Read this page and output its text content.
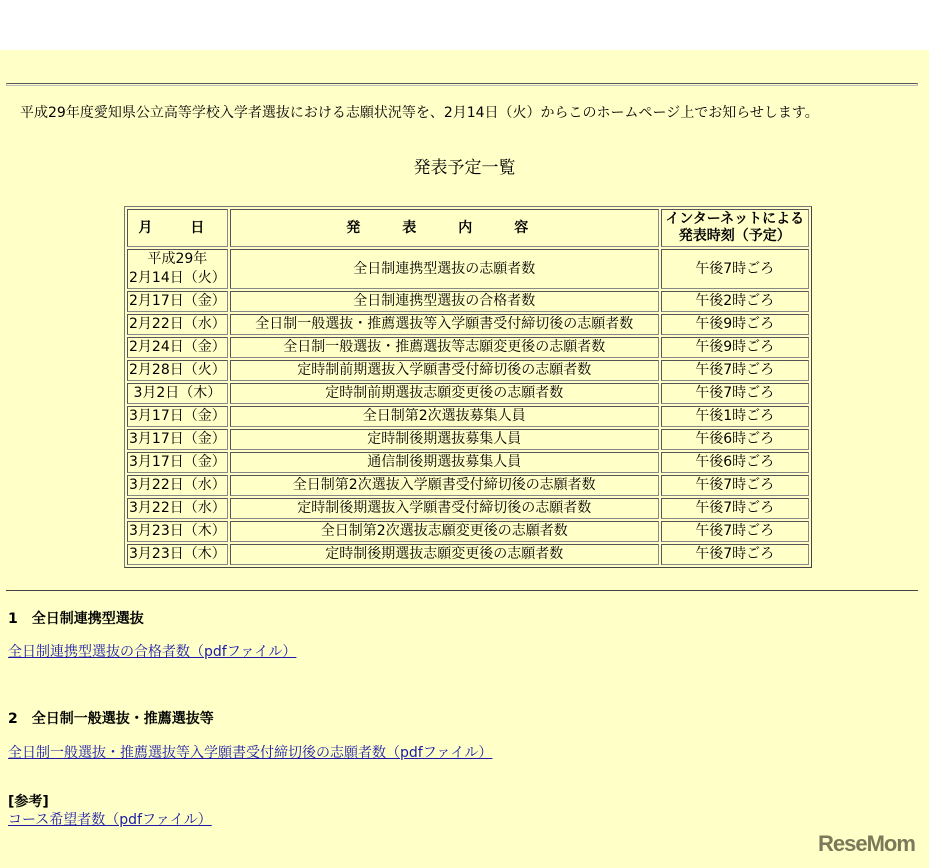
平成29年度愛知県公立高等学校入学者選抜における志願状況等を、2月14日（火）からこのホームページ上でお知らせします。
発表予定一覧
月　日	発　表　内　容	インターネットによる
発表時刻（予定）

平成29年
2月14日（火）	全日制連携型選抜の志願者数	午後7時ごろ
2月17日（金）	全日制連携型選抜の合格者数	午後2時ごろ
2月22日（水）	全日制一般選抜・推薦選抜等入学願書受付締切後の志願者数	午後9時ごろ
2月24日（金）	全日制一般選抜・推薦選抜等志願変更後の志願者数	午後9時ごろ
2月28日（火）	定時制前期選抜入学願書受付締切後の志願者数	午後7時ごろ
3月2日（木）	定時制前期選抜志願変更後の志願者数	午後7時ごろ
3月17日（金）	全日制第2次選抜募集人員	午後1時ごろ
3月17日（金）	定時制後期選抜募集人員	午後6時ごろ
3月17日（金）	通信制後期選抜募集人員	午後6時ごろ
3月22日（水）	全日制第2次選抜入学願書受付締切後の志願者数	午後7時ごろ
3月22日（水）	定時制後期選抜入学願書受付締切後の志願者数	午後7時ごろ
3月23日（木）	全日制第2次選抜志願変更後の志願者数	午後7時ごろ
3月23日（木）	定時制後期選抜志願変更後の志願者数	午後7時ごろ
1　全日制連携型選抜
全日制連携型選抜の合格者数（pdfファイル）
2　全日制一般選抜・推薦選抜等
全日制一般選抜・推薦選抜等入学願書受付締切後の志願者数（pdfファイル）
[参考]
コース希望者数（pdfファイル）
ReseMom
